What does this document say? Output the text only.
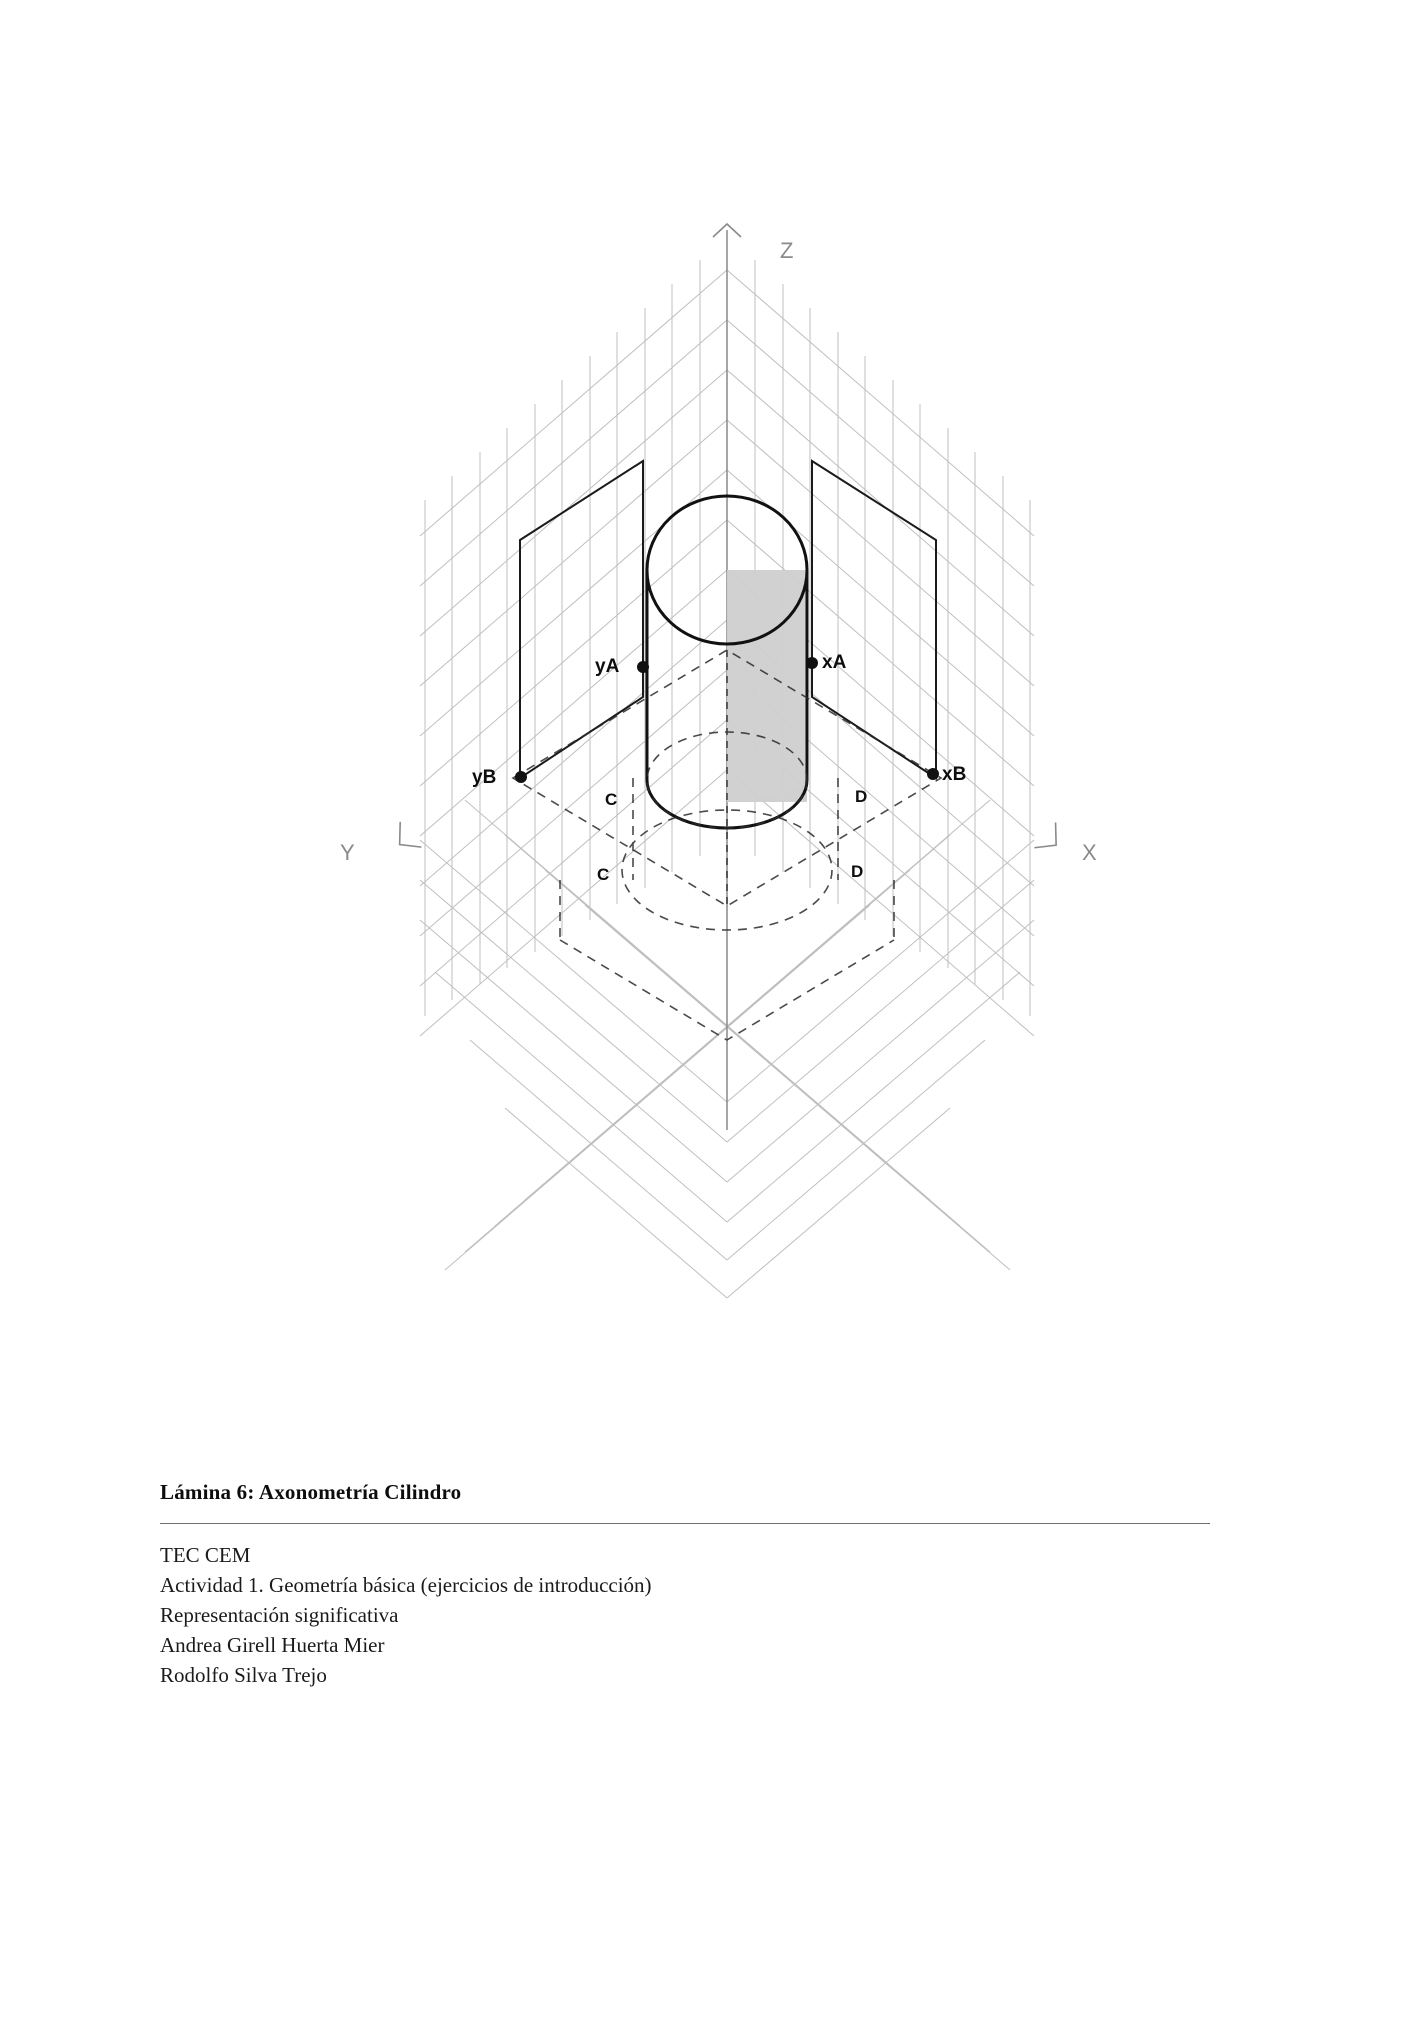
Z
X
Y
yA	xA
yB	xB
C	D
C	D
Lámina 6: Axonometría Cilindro
TEC CEM
Actividad 1. Geometría básica (ejercicios de introducción)
Representación significativa
Andrea Girell Huerta Mier
Rodolfo Silva Trejo
